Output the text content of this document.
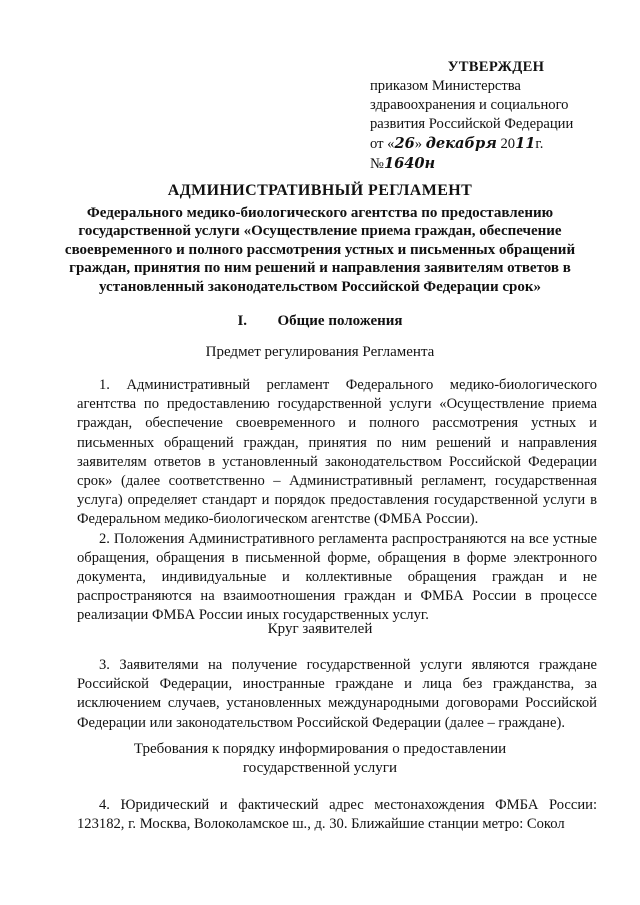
УТВЕРЖДЕН
приказом Министерства
здравоохранения и социального
развития Российской Федерации
от «26» декабря 2011г. №1640н
АДМИНИСТРАТИВНЫЙ РЕГЛАМЕНТ
Федерального медико-биологического агентства по предоставлению государственной услуги «Осуществление приема граждан, обеспечение своевременного и полного рассмотрения устных и письменных обращений граждан, принятия по ним решений и направления заявителям ответов в установленный законодательством Российской Федерации срок»
I. Общие положения
Предмет регулирования Регламента

1. Административный регламент Федерального медико-биологического агентства по предоставлению государственной услуги «Осуществление приема граждан, обеспечение своевременного и полного рассмотрения устных и письменных обращений граждан, принятия по ним решений и направления заявителям ответов в установленный законодательством Российской Федерации срок» (далее соответственно – Административный регламент, государственная услуга) определяет стандарт и порядок предоставления государственной услуги в Федеральном медико-биологическом агентстве (ФМБА России).

2. Положения Административного регламента распространяются на все устные обращения, обращения в письменной форме, обращения в форме электронного документа, индивидуальные и коллективные обращения граждан и не распространяются на взаимоотношения граждан и ФМБА России в процессе реализации ФМБА России иных государственных услуг.

Круг заявителей

3. Заявителями на получение государственной услуги являются граждане Российской Федерации, иностранные граждане и лица без гражданства, за исключением случаев, установленных международными договорами Российской Федерации или законодательством Российской Федерации (далее – граждане).

Требования к порядку информирования о предоставлении
государственной услуги

4. Юридический и фактический адрес местонахождения ФМБА России: 123182, г. Москва, Волоколамское ш., д. 30. Ближайшие станции метро: Сокол
